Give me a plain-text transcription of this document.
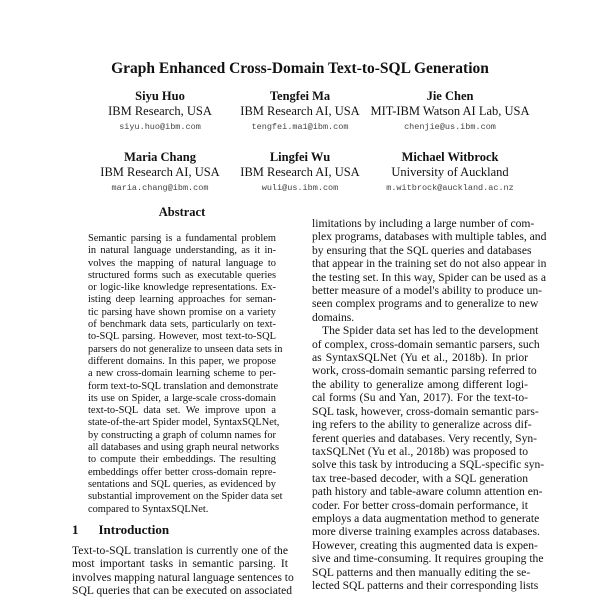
Graph Enhanced Cross-Domain Text-to-SQL Generation
Siyu Huo
IBM Research, USA
siyu.huo@ibm.com
Tengfei Ma
IBM Research AI, USA
tengfei.ma1@ibm.com
Jie Chen
MIT-IBM Watson AI Lab, USA
chenjie@us.ibm.com
Maria Chang
IBM Research AI, USA
maria.chang@ibm.com
Lingfei Wu
IBM Research AI, USA
wuli@us.ibm.com
Michael Witbrock
University of Auckland
m.witbrock@auckland.ac.nz
Abstract
Semantic parsing is a fundamental problem
in natural language understanding, as it in-
volves the mapping of natural language to
structured forms such as executable queries
or logic-like knowledge representations. Ex-
isting deep learning approaches for seman-
tic parsing have shown promise on a variety
of benchmark data sets, particularly on text-
to-SQL parsing. However, most text-to-SQL
parsers do not generalize to unseen data sets in
different domains. In this paper, we propose
a new cross-domain learning scheme to per-
form text-to-SQL translation and demonstrate
its use on Spider, a large-scale cross-domain
text-to-SQL data set. We improve upon a
state-of-the-art Spider model, SyntaxSQLNet,
by constructing a graph of column names for
all databases and using graph neural networks
to compute their embeddings. The resulting
embeddings offer better cross-domain repre-
sentations and SQL queries, as evidenced by
substantial improvement on the Spider data set
compared to SyntaxSQLNet.
1 Introduction
Text-to-SQL translation is currently one of the
most important tasks in semantic parsing. It
involves mapping natural language sentences to
SQL queries that can be executed on associated
limitations by including a large number of com-
plex programs, databases with multiple tables, and
by ensuring that the SQL queries and databases
that appear in the training set do not also appear in
the testing set. In this way, Spider can be used as a
better measure of a model's ability to produce un-
seen complex programs and to generalize to new
domains.
The Spider data set has led to the development
of complex, cross-domain semantic parsers, such
as SyntaxSQLNet (Yu et al., 2018b). In prior
work, cross-domain semantic parsing referred to
the ability to generalize among different logi-
cal forms (Su and Yan, 2017). For the text-to-
SQL task, however, cross-domain semantic pars-
ing refers to the ability to generalize across dif-
ferent queries and databases. Very recently, Syn-
taxSQLNet (Yu et al., 2018b) was proposed to
solve this task by introducing a SQL-specific syn-
tax tree-based decoder, with a SQL generation
path history and table-aware column attention en-
coder. For better cross-domain performance, it
employs a data augmentation method to generate
more diverse training examples across databases.
However, creating this augmented data is expen-
sive and time-consuming. It requires grouping the
SQL patterns and then manually editing the se-
lected SQL patterns and their corresponding lists
